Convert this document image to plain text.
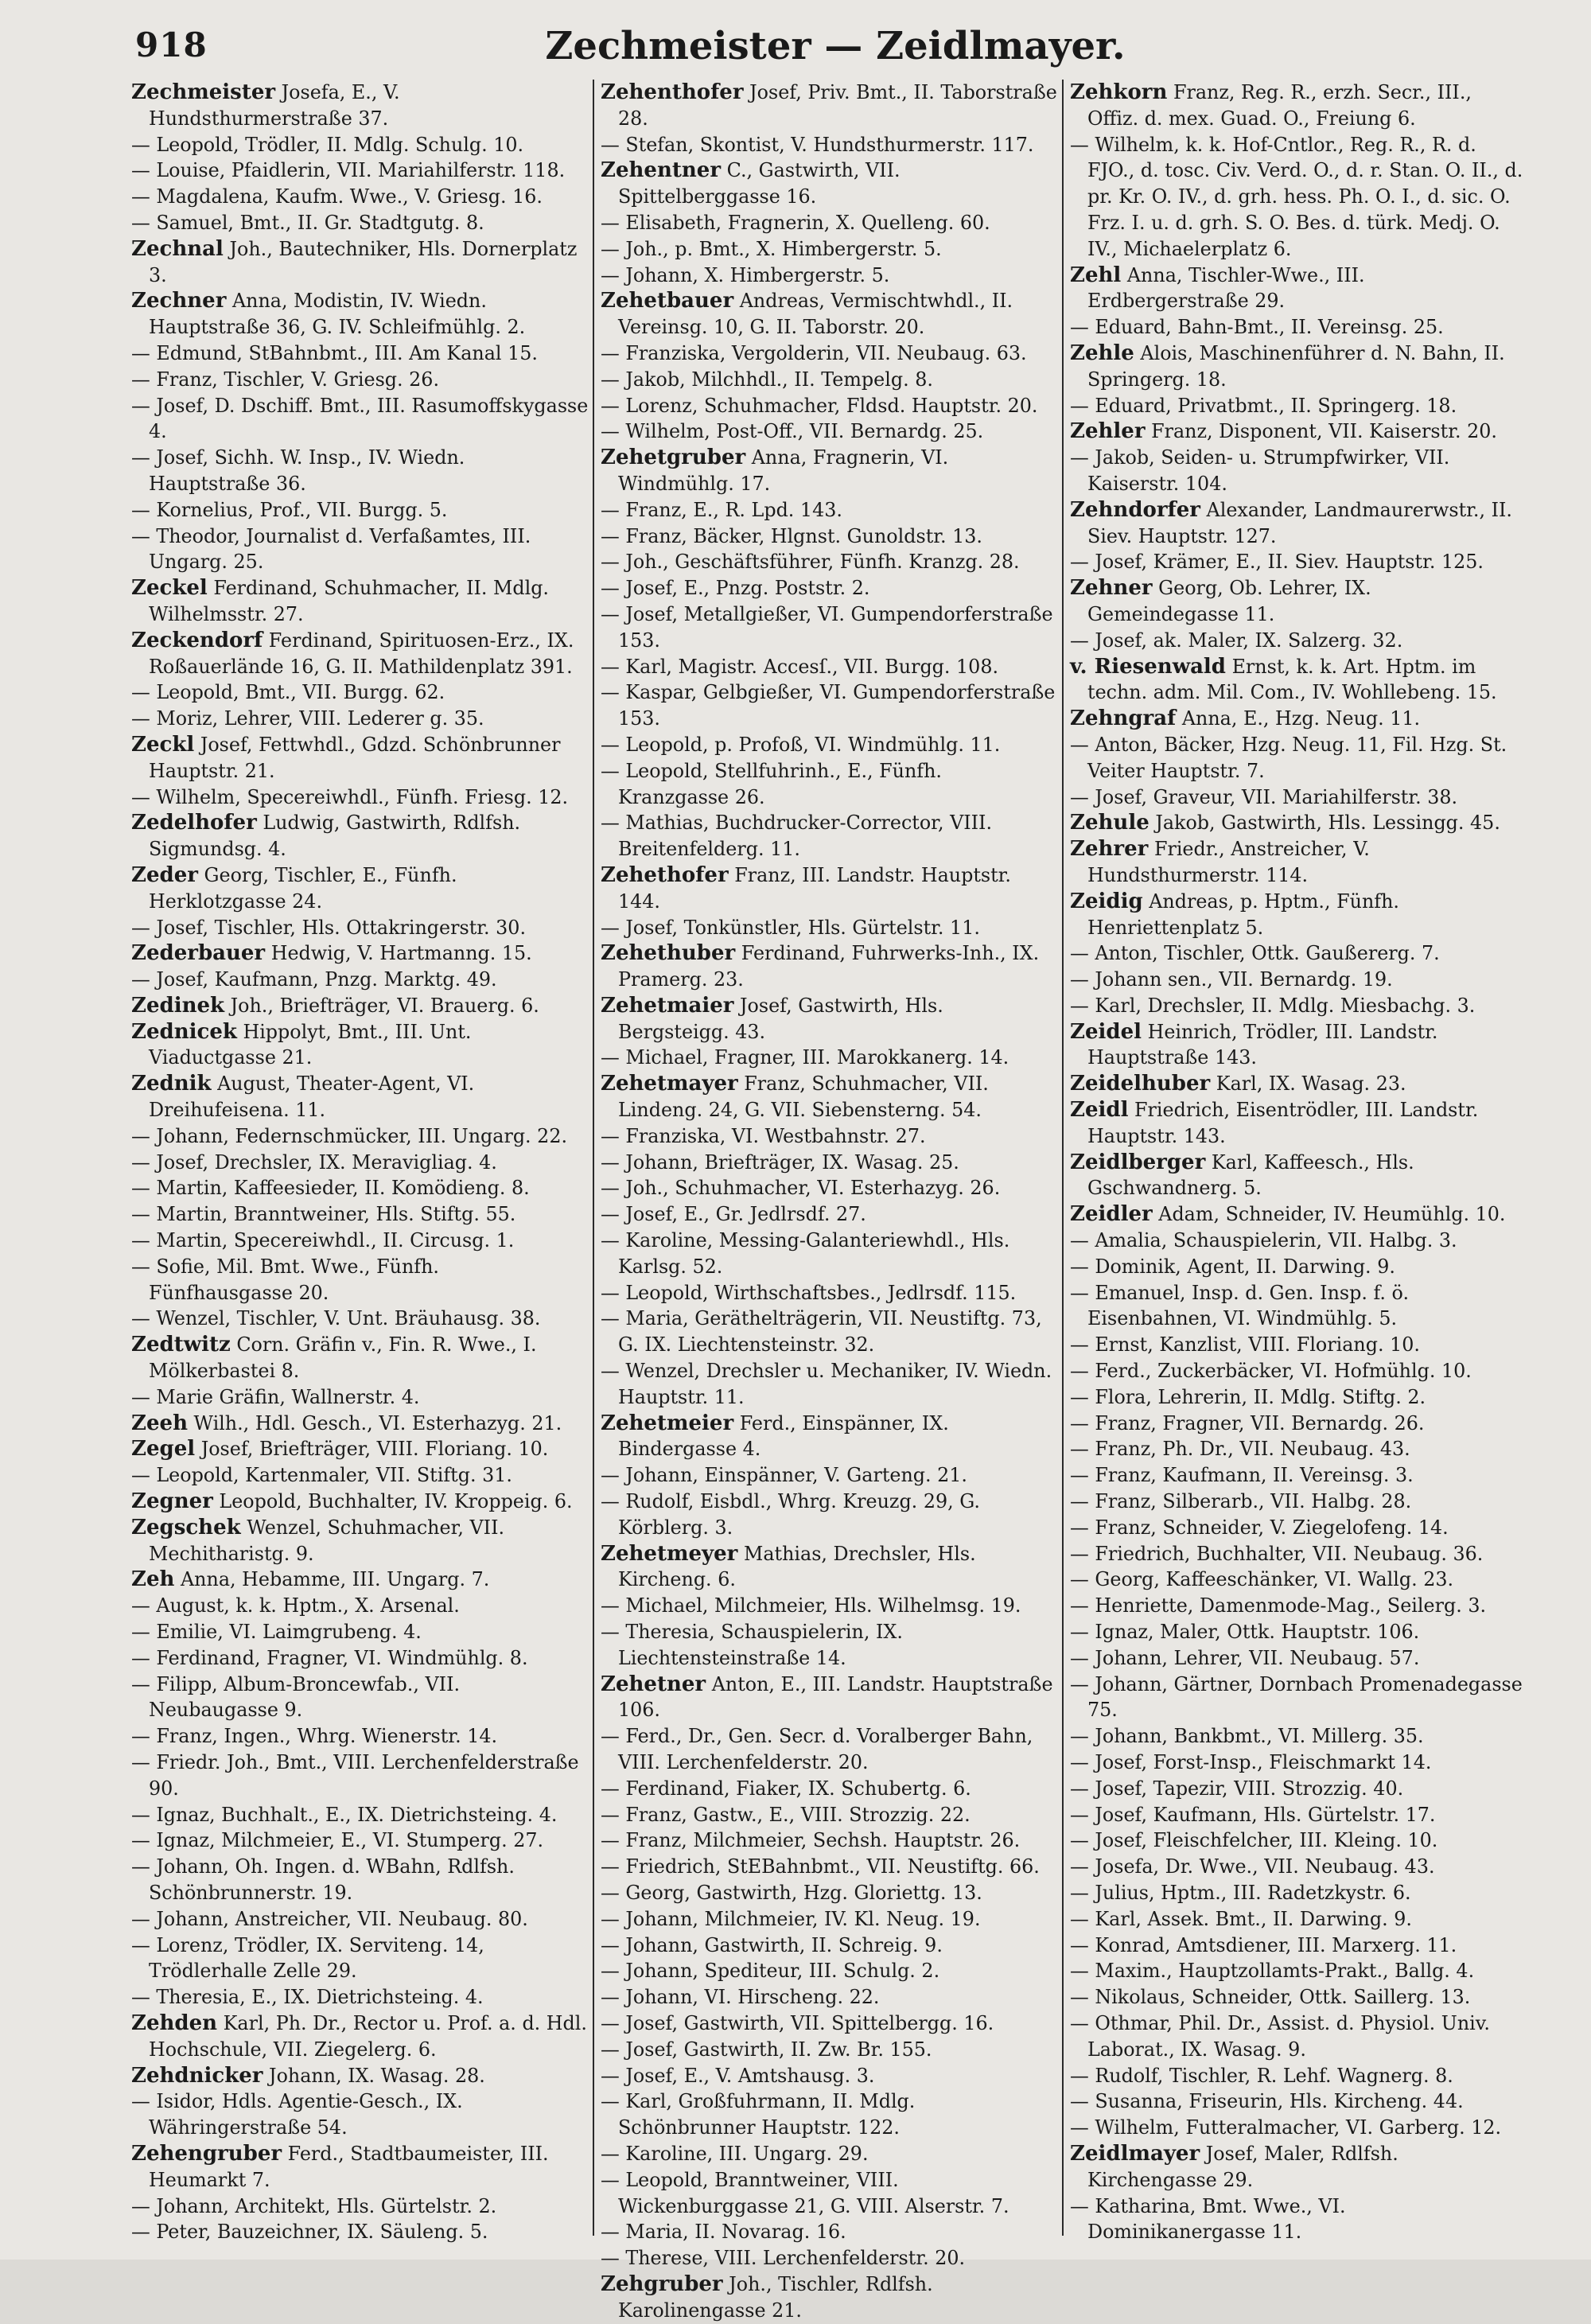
918	Zechmeister — Zeidlmayer.

Zechmeister Josefa, E., V. Hundsthurmerstraße 37.

— Leopold, Trödler, II. Mdlg. Schulg. 10.

— Louise, Pfaidlerin, VII. Mariahilferstr. 118.

— Magdalena, Kaufm. Wwe., V. Griesg. 16.

— Samuel, Bmt., II. Gr. Stadtgutg. 8.

Zechnal Joh., Bautechniker, Hls. Dornerplatz 3.

Zechner Anna, Modistin, IV. Wiedn. Hauptstraße 36, G. IV. Schleifmühlg. 2.

— Edmund, StBahnbmt., III. Am Kanal 15.

— Franz, Tischler, V. Griesg. 26.

— Josef, D. Dschiff. Bmt., III. Rasumoffskygasse 4.

— Josef, Sichh. W. Insp., IV. Wiedn. Hauptstraße 36.

— Kornelius, Prof., VII. Burgg. 5.

— Theodor, Journalist d. Verfaßamtes, III. Ungarg. 25.

Zeckel Ferdinand, Schuhmacher, II. Mdlg. Wilhelmsstr. 27.

Zeckendorf Ferdinand, Spirituosen-Erz., IX. Roßauerlände 16, G. II. Mathildenplatz 391.

— Leopold, Bmt., VII. Burgg. 62.

— Moriz, Lehrer, VIII. Lederer g. 35.

Zeckl Josef, Fettwhdl., Gdzd. Schönbrunner Hauptstr. 21.

— Wilhelm, Specereiwhdl., Fünfh. Friesg. 12.

Zedelhofer Ludwig, Gastwirth, Rdlfsh. Sigmundsg. 4.

Zeder Georg, Tischler, E., Fünfh. Herklotzgasse 24.

— Josef, Tischler, Hls. Ottakringerstr. 30.

Zederbauer Hedwig, V. Hartmanng. 15.

— Josef, Kaufmann, Pnzg. Marktg. 49.

Zedinek Joh., Briefträger, VI. Brauerg. 6.

Zednicek Hippolyt, Bmt., III. Unt. Viaductgasse 21.

Zednik August, Theater-Agent, VI. Dreihufeisenа. 11.

— Johann, Federnschmücker, III. Ungarg. 22.

— Josef, Drechsler, IX. Meraviglіag. 4.

— Martin, Kaffeesieder, II. Komödieng. 8.

— Martin, Branntweiner, Hls. Stiftg. 55.

— Martin, Specereiwhdl., II. Circusg. 1.

— Sofie, Mil. Bmt. Wwe., Fünfh. Fünfhausgasse 20.

— Wenzel, Tischler, V. Unt. Bräuhausg. 38.

Zedtwitz Corn. Gräfin v., Fin. R. Wwe., I. Mölkerbastei 8.

— Marie Gräfin, Wallnerstr. 4.

Zeeh Wilh., Hdl. Gesch., VI. Esterhazyg. 21.

Zegel Josef, Briefträger, VIII. Floriang. 10.

— Leopold, Kartenmaler, VII. Stiftg. 31.

Zegner Leopold, Buchhalter, IV. Kroppeig. 6.

Zegschek Wenzel, Schuhmacher, VII. Mechitharistg. 9.

Zeh Anna, Hebamme, III. Ungarg. 7.

— August, k. k. Hptm., X. Arsenal.

— Emilie, VI. Laimgrubeng. 4.

— Ferdinand, Fragner, VI. Windmühlg. 8.

— Filipp, Album-Broncewfab., VII. Neubaugasse 9.

— Franz, Ingen., Whrg. Wienerstr. 14.

— Friedr. Joh., Bmt., VIII. Lerchenfelderstraße 90.

— Ignaz, Buchhalt., E., IX. Dietrichsteing. 4.

— Ignaz, Milchmeier, E., VI. Stumperg. 27.

— Johann, Oh. Ingen. d. WBahn, Rdlfsh. Schönbrunnerstr. 19.

— Johann, Anstreicher, VII. Neubaug. 80.

— Lorenz, Trödler, IX. Serviteng. 14, Trödlerhalle Zelle 29.

— Theresia, E., IX. Dietrichsteing. 4.

Zehden Karl, Ph. Dr., Rector u. Prof. a. d. Hdl. Hochschule, VII. Ziegelerg. 6.

Zehdnicker Johann, IX. Wasag. 28.

— Isidor, Hdls. Agentie-Gesch., IX. Währingerstraße 54.

Zehengruber Ferd., Stadtbaumeister, III. Heumarkt 7.

— Johann, Architekt, Hls. Gürtelstr. 2.

— Peter, Bauzeichner, IX. Säuleng. 5.

Zehenthofer Josef, Priv. Bmt., II. Taborstraße 28.

— Stefan, Skontist, V. Hundsthurmerstr. 117.

Zehentner C., Gastwirth, VII. Spittelberggasse 16.

— Elisabeth, Fragnerin, X. Quelleng. 60.

— Joh., p. Bmt., X. Himbergerstr. 5.

— Johann, X. Himbergerstr. 5.

Zehetbauer Andreas, Vermischtwhdl., II. Vereinsg. 10, G. II. Taborstr. 20.

— Franziska, Vergolderin, VII. Neubaug. 63.

— Jakob, Milchhdl., II. Tempelg. 8.

— Lorenz, Schuhmacher, Fldsd. Hauptstr. 20.

— Wilhelm, Post-Off., VII. Bernardg. 25.

Zehetgruber Anna, Fragnerin, VI. Windmühlg. 17.

— Franz, E., R. Lpd. 143.

— Franz, Bäcker, Hlgnst. Gunoldstr. 13.

— Joh., Geschäftsführer, Fünfh. Kranzg. 28.

— Josef, E., Pnzg. Poststr. 2.

— Josef, Metallgießer, VI. Gumpendorferstraße 153.

— Karl, Magistr. Accesſ., VII. Burgg. 108.

— Kaspar, Gelbgießer, VI. Gumpendorferstraße 153.

— Leopold, p. Profoß, VI. Windmühlg. 11.

— Leopold, Stellfuhrinh., E., Fünfh. Kranzgasse 26.

— Mathias, Buchdrucker-Corrector, VIII. Breitenfelderg. 11.

Zehethofer Franz, III. Landstr. Hauptstr. 144.

— Josef, Tonkünstler, Hls. Gürtelstr. 11.

Zehethuber Ferdinand, Fuhrwerks-Inh., IX. Pramerg. 23.

Zehetmaier Josef, Gastwirth, Hls. Bergsteigg. 43.

— Michael, Fragner, III. Marokkanerg. 14.

Zehetmayer Franz, Schuhmacher, VII. Lindeng. 24, G. VII. Siebensterng. 54.

— Franziska, VI. Westbahnstr. 27.

— Johann, Briefträger, IX. Wasag. 25.

— Joh., Schuhmacher, VI. Esterhazyg. 26.

— Josef, E., Gr. Jedlrsdf. 27.

— Karoline, Messing-Galanteriewhdl., Hls. Karlsg. 52.

— Leopold, Wirthschaftsbes., Jedlrsdf. 115.

— Maria, Geräthelträgerin, VII. Neustiftg. 73, G. IX. Liechtensteinstr. 32.

— Wenzel, Drechsler u. Mechaniker, IV. Wiedn. Hauptstr. 11.

Zehetmeier Ferd., Einspänner, IX. Bindergasse 4.

— Johann, Einspänner, V. Garteng. 21.

— Rudolf, Eisbdl., Whrg. Kreuzg. 29, G. Körblerg. 3.

Zehetmeyer Mathias, Drechsler, Hls. Kircheng. 6.

— Michael, Milchmeier, Hls. Wilhelmsg. 19.

— Theresia, Schauspielerin, IX. Liechtensteinstraße 14.

Zehetner Anton, E., III. Landstr. Hauptstraße 106.

— Ferd., Dr., Gen. Secr. d. Voralberger Bahn, VIII. Lerchenfelderstr. 20.

— Ferdinand, Fiaker, IX. Schubertg. 6.

— Franz, Gastw., E., VIII. Strozzig. 22.

— Franz, Milchmeier, Sechsh. Hauptstr. 26.

— Friedrich, StEBahnbmt., VII. Neustiftg. 66.

— Georg, Gastwirth, Hzg. Gloriettg. 13.

— Johann, Milchmeier, IV. Kl. Neug. 19.

— Johann, Gastwirth, II. Schreig. 9.

— Johann, Spediteur, III. Schulg. 2.

— Johann, VI. Hirscheng. 22.

— Josef, Gastwirth, VII. Spittelbergg. 16.

— Josef, Gastwirth, II. Zw. Br. 155.

— Josef, E., V. Amtshausg. 3.

— Karl, Großfuhrmann, II. Mdlg. Schönbrunner Hauptstr. 122.

— Karoline, III. Ungarg. 29.

— Leopold, Branntweiner, VIII. Wickenburggasse 21, G. VIII. Alserstr. 7.

— Maria, II. Novarag. 16.

— Therese, VIII. Lerchenfelderstr. 20.

Zehgruber Joh., Tischler, Rdlfsh. Karolinengasse 21.

Zehkorn Franz, Reg. R., erzh. Secr., III., Offiz. d. mex. Guad. O., Freiung 6.

— Wilhelm, k. k. Hof-Cntlor., Reg. R., R. d. FJO., d. tosc. Civ. Verd. O., d. r. Stan. O. II., d. pr. Kr. O. IV., d. grh. hess. Ph. O. I., d. sic. O. Frz. I. u. d. grh. S. O. Bes. d. türk. Medj. O. IV., Michaelerplatz 6.

Zehl Anna, Tischler-Wwe., III. Erdbergerstraße 29.

— Eduard, Bahn-Bmt., II. Vereinsg. 25.

Zehle Alois, Maschinenführer d. N. Bahn, II. Springerg. 18.

— Eduard, Privatbmt., II. Springerg. 18.

Zehler Franz, Disponent, VII. Kaiserstr. 20.

— Jakob, Seiden- u. Strumpfwirker, VII. Kaiserstr. 104.

Zehndorfer Alexander, Landmaurerwstr., II. Siev. Hauptstr. 127.

— Josef, Krämer, E., II. Siev. Hauptstr. 125.

Zehner Georg, Ob. Lehrer, IX. Gemeindegasse 11.

— Josef, ak. Maler, IX. Salzerg. 32.

v. Riesenwald Ernst, k. k. Art. Hptm. im techn. adm. Mil. Com., IV. Wohllebeng. 15.

Zehngraf Anna, E., Hzg. Neug. 11.

— Anton, Bäcker, Hzg. Neug. 11, Fil. Hzg. St. Veiter Hauptstr. 7.

— Josef, Graveur, VII. Mariahilferstr. 38.

Zehule Jakob, Gastwirth, Hls. Lessingg. 45.

Zehrer Friedr., Anstreicher, V. Hundsthurmerstr. 114.

Zeidig Andreas, p. Hptm., Fünfh. Henriettenplatz 5.

— Anton, Tischler, Ottk. Gaußererg. 7.

— Johann sen., VII. Bernardg. 19.

— Karl, Drechsler, II. Mdlg. Miesbachg. 3.

Zeidel Heinrich, Trödler, III. Landstr. Hauptstraße 143.

Zeidelhuber Karl, IX. Wasag. 23.

Zeidl Friedrich, Eisentrödler, III. Landstr. Hauptstr. 143.

Zeidlberger Karl, Kaffeesch., Hls. Gschwandnerg. 5.

Zeidler Adam, Schneider, IV. Heumühlg. 10.

— Amalia, Schauspielerin, VII. Halbg. 3.

— Dominik, Agent, II. Darwing. 9.

— Emanuel, Insp. d. Gen. Insp. f. ö. Eisenbahnen, VI. Windmühlg. 5.

— Ernst, Kanzlist, VIII. Floriang. 10.

— Ferd., Zuckerbäcker, VI. Hofmühlg. 10.

— Flora, Lehrerin, II. Mdlg. Stiftg. 2.

— Franz, Fragner, VII. Bernardg. 26.

— Franz, Ph. Dr., VII. Neubaug. 43.

— Franz, Kaufmann, II. Vereinsg. 3.

— Franz, Silberarb., VII. Halbg. 28.

— Franz, Schneider, V. Ziegelofeng. 14.

— Friedrich, Buchhalter, VII. Neubaug. 36.

— Georg, Kaffeeschänker, VI. Wallg. 23.

— Henriette, Damenmode-Mag., Seilerg. 3.

— Ignaz, Maler, Ottk. Hauptstr. 106.

— Johann, Lehrer, VII. Neubaug. 57.

— Johann, Gärtner, Dornbach Promenadegasse 75.

— Johann, Bankbmt., VI. Millerg. 35.

— Josef, Forst-Insp., Fleischmarkt 14.

— Josef, Tapezir, VIII. Strozzig. 40.

— Josef, Kaufmann, Hls. Gürtelstr. 17.

— Josef, Fleischfelcher, III. Kleing. 10.

— Josefa, Dr. Wwe., VII. Neubaug. 43.

— Julius, Hptm., III. Radetzkystr. 6.

— Karl, Assek. Bmt., II. Darwing. 9.

— Konrad, Amtsdiener, III. Marxerg. 11.

— Maxim., Hauptzollamts-Prakt., Ballg. 4.

— Nikolaus, Schneider, Ottk. Saillerg. 13.

— Othmar, Phil. Dr., Assist. d. Physiol. Univ. Laborat., IX. Wasag. 9.

— Rudolf, Tischler, R. Lehf. Wagnerg. 8.

— Susanna, Friseurin, Hls. Kircheng. 44.

— Wilhelm, Futteralmacher, VI. Garberg. 12.

Zeidlmayer Josef, Maler, Rdlfsh. Kirchengasse 29.

— Katharina, Bmt. Wwe., VI. Dominikanergasse 11.
